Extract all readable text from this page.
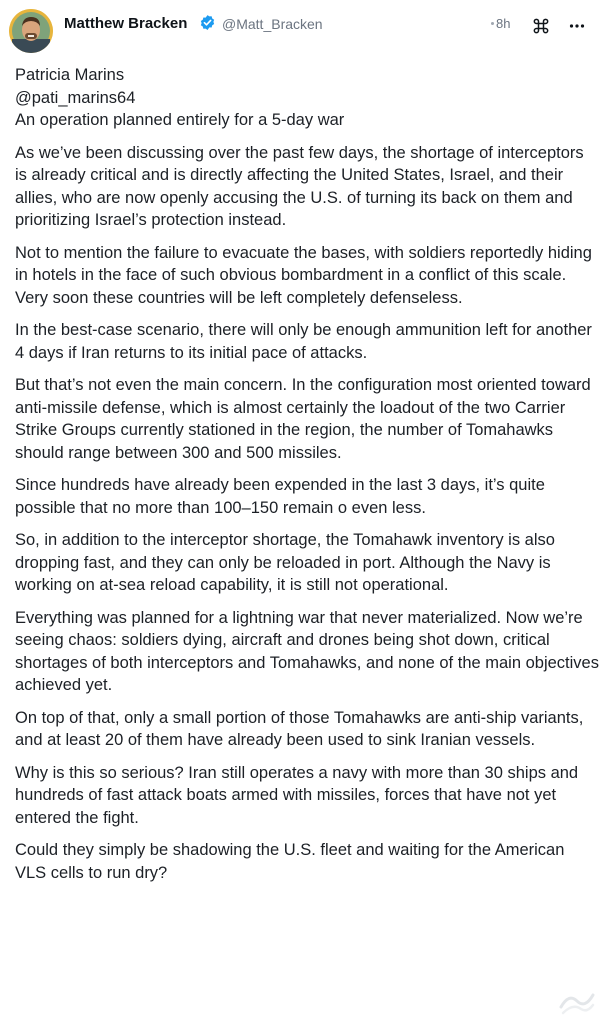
Matthew Bracken @Matt_Bracken	8h

Patricia Marins

@pati_marins64

An operation planned entirely for a 5-day war

As we’ve been discussing over the past few days, the shortage of interceptors is already critical and is directly affecting the United States, Israel, and their allies, who are now openly accusing the U.S. of turning its back on them and prioritizing Israel’s protection instead.

Not to mention the failure to evacuate the bases, with soldiers reportedly hiding in hotels in the face of such obvious bombardment in a conflict of this scale. Very soon these countries will be left completely defenseless.

In the best-case scenario, there will only be enough ammunition left for another 4 days if Iran returns to its initial pace of attacks.

But that’s not even the main concern. In the configuration most oriented toward anti-missile defense, which is almost certainly the loadout of the two Carrier Strike Groups currently stationed in the region, the number of Tomahawks should range between 300 and 500 missiles.

Since hundreds have already been expended in the last 3 days, it’s quite possible that no more than 100–150 remain o even less.

So, in addition to the interceptor shortage, the Tomahawk inventory is also dropping fast, and they can only be reloaded in port. Although the Navy is working on at-sea reload capability, it is still not operational.

Everything was planned for a lightning war that never materialized. Now we’re seeing chaos: soldiers dying, aircraft and drones being shot down, critical shortages of both interceptors and Tomahawks, and none of the main objectives achieved yet.

On top of that, only a small portion of those Tomahawks are anti-ship variants, and at least 20 of them have already been used to sink Iranian vessels.

Why is this so serious? Iran still operates a navy with more than 30 ships and hundreds of fast attack boats armed with missiles, forces that have not yet entered the fight.

Could they simply be shadowing the U.S. fleet and waiting for the American VLS cells to run dry?
